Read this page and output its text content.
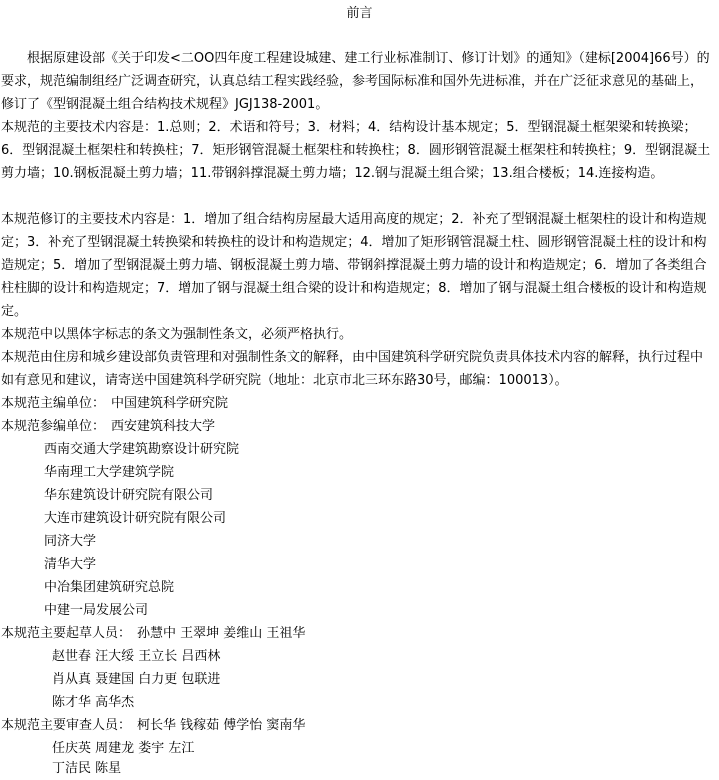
前言
根据原建设部《关于印发<二OO四年度工程建设城建、建工行业标准制订、修订计划》的通知》（建标[2004]66号）的要求，规范编制组经广泛调查研究，认真总结工程实践经验，参考国际标准和国外先进标准，并在广泛征求意见的基础上，修订了《型钢混凝土组合结构技术规程》JGJ138-2001。
本规范的主要技术内容是：1.总则；2．术语和符号；3．材料；4．结构设计基本规定；5．型钢混凝土框架梁和转换梁；6．型钢混凝土框架柱和转换柱；7．矩形钢管混凝土框架柱和转换柱；8．圆形钢管混凝土框架柱和转换柱；9．型钢混凝土剪力墙；10.钢板混凝土剪力墙；11.带钢斜撑混凝土剪力墙；12.钢与混凝土组合梁；13.组合楼板；14.连接构造。
本规范修订的主要技术内容是：1．增加了组合结构房屋最大适用高度的规定；2．补充了型钢混凝土框架柱的设计和构造规定；3．补充了型钢混凝土转换梁和转换柱的设计和构造规定；4．增加了矩形钢管混凝土柱、圆形钢管混凝土柱的设计和构造规定；5．增加了型钢混凝土剪力墙、钢板混凝土剪力墙、带钢斜撑混凝土剪力墙的设计和构造规定；6．增加了各类组合柱柱脚的设计和构造规定；7．增加了钢与混凝土组合梁的设计和构造规定；8．增加了钢与混凝土组合楼板的设计和构造规定。
本规范中以黑体字标志的条文为强制性条文，必须严格执行。
本规范由住房和城乡建设部负责管理和对强制性条文的解释，由中国建筑科学研究院负责具体技术内容的解释，执行过程中如有意见和建议，请寄送中国建筑科学研究院（地址：北京市北三环东路30号，邮编：100013）。
本规范主编单位： 中国建筑科学研究院
本规范参编单位： 西安建筑科技大学
西南交通大学建筑勘察设计研究院
华南理工大学建筑学院
华东建筑设计研究院有限公司
大连市建筑设计研究院有限公司
同济大学
清华大学
中冶集团建筑研究总院
中建一局发展公司
本规范主要起草人员： 孙慧中 王翠坤 姜维山 王祖华
赵世春 汪大绥 王立长 吕西林
肖从真 聂建国 白力更 包联进
陈才华 高华杰
本规范主要审查人员： 柯长华 钱稼茹 傅学怡 窦南华
任庆英 周建龙 娄宇 左江
丁洁民 陈星
